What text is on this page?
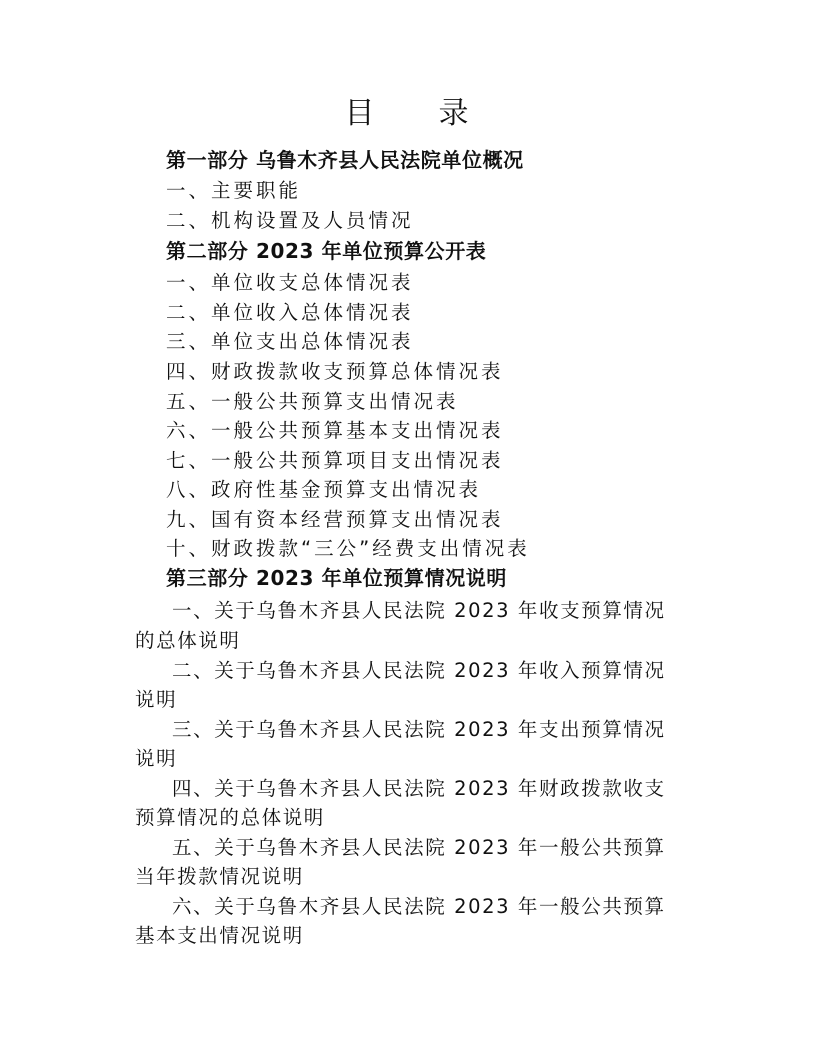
目 录
第一部分 乌鲁木齐县人民法院单位概况
一、主要职能
二、机构设置及人员情况
第二部分 2023 年单位预算公开表
一、单位收支总体情况表
二、单位收入总体情况表
三、单位支出总体情况表
四、财政拨款收支预算总体情况表
五、一般公共预算支出情况表
六、一般公共预算基本支出情况表
七、一般公共预算项目支出情况表
八、政府性基金预算支出情况表
九、国有资本经营预算支出情况表
十、财政拨款“三公”经费支出情况表
第三部分 2023 年单位预算情况说明
一、关于乌鲁木齐县人民法院 2023 年收支预算情况
的总体说明
二、关于乌鲁木齐县人民法院 2023 年收入预算情况
说明
三、关于乌鲁木齐县人民法院 2023 年支出预算情况
说明
四、关于乌鲁木齐县人民法院 2023 年财政拨款收支
预算情况的总体说明
五、关于乌鲁木齐县人民法院 2023 年一般公共预算
当年拨款情况说明
六、关于乌鲁木齐县人民法院 2023 年一般公共预算
基本支出情况说明
